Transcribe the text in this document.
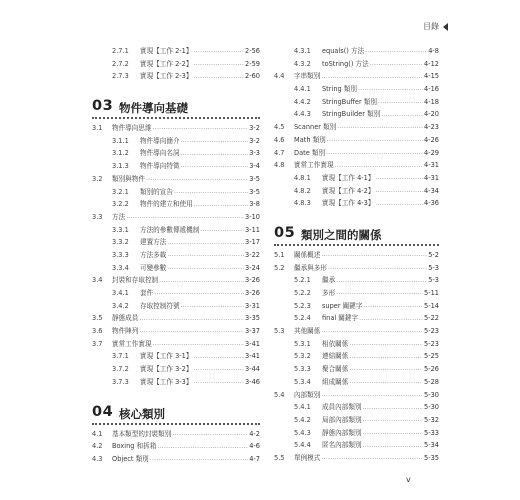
目錄
2.7.1 實現【工作 2-1】 .....	2-56
2.7.2 實現【工作 2-2】 .....	2-59
2.7.3 實現【工作 2-3】 .....	2-60
03 物件導向基礎
3.1 物件導向思維 .....	3-2
3.1.1 物件導向簡介 .....	3-2
3.1.2 物件導向名詞 .....	3-3
3.1.3 物件導向特徵 .....	3-4
3.2 類別與物件 .....	3-5
3.2.1 類別的宣告 .....	3-5
3.2.2 物件的建立和使用 .....	3-8
3.3 方法 .....	3-10
3.3.1 方法的參數傳遞機制 .....	3-11
3.3.2 建置方法 .....	3-17
3.3.3 方法多載 .....	3-22
3.3.4 可變參數 .....	3-24
3.4 封裝和存取控制 .....	3-26
3.4.1 套件 .....	3-26
3.4.2 存取控制符號 .....	3-31
3.5 靜態成員 .....	3-35
3.6 物件陣列 .....	3-37
3.7 實常工作實現 .....	3-41
3.7.1 實現【工作 3-1】 .....	3-41
3.7.2 實現【工作 3-2】 .....	3-44
3.7.3 實現【工作 3-3】 .....	3-46
04 核心類別
4.1 基本類型的封裝類別 .....	4-2
4.2 Boxing 和拆箱 .....	4-6
4.3 Object 類別 .....	4-7
4.3.1 equals() 方法 .....	4-8
4.3.2 toString() 方法 .....	4-12
4.4 字串類別 .....	4-15
4.4.1 String 類別 .....	4-16
4.4.2 StringBuffer 類別 .....	4-18
4.4.3 StringBuilder 類別 .....	4-20
4.5 Scanner 類別 .....	4-23
4.6 Math 類別 .....	4-26
4.7 Date 類別 .....	4-29
4.8 實常工作實現 .....	4-31
4.8.1 實現【工作 4-1】 .....	4-31
4.8.2 實現【工作 4-2】 .....	4-34
4.8.3 實現【工作 4-3】 .....	4-36
05 類別之間的關係
5.1 關係概述 .....	5-2
5.2 繼承與多形 .....	5-3
5.2.1 繼承 .....	5-3
5.2.2 多形 .....	5-11
5.2.3 super 關鍵字 .....	5-14
5.2.4 final 關鍵字 .....	5-22
5.3 其他關係 .....	5-23
5.3.1 相依關係 .....	5-23
5.3.2 連結關係 .....	5-25
5.3.3 聚合關係 .....	5-26
5.3.4 組成關係 .....	5-28
5.4 內部類別 .....	5-30
5.4.1 成員內部類別 .....	5-30
5.4.2 局部內部類別 .....	5-32
5.4.3 靜態內部類別 .....	5-33
5.4.4 匿名內部類別 .....	5-34
5.5 單例模式 .....	5-35
v
